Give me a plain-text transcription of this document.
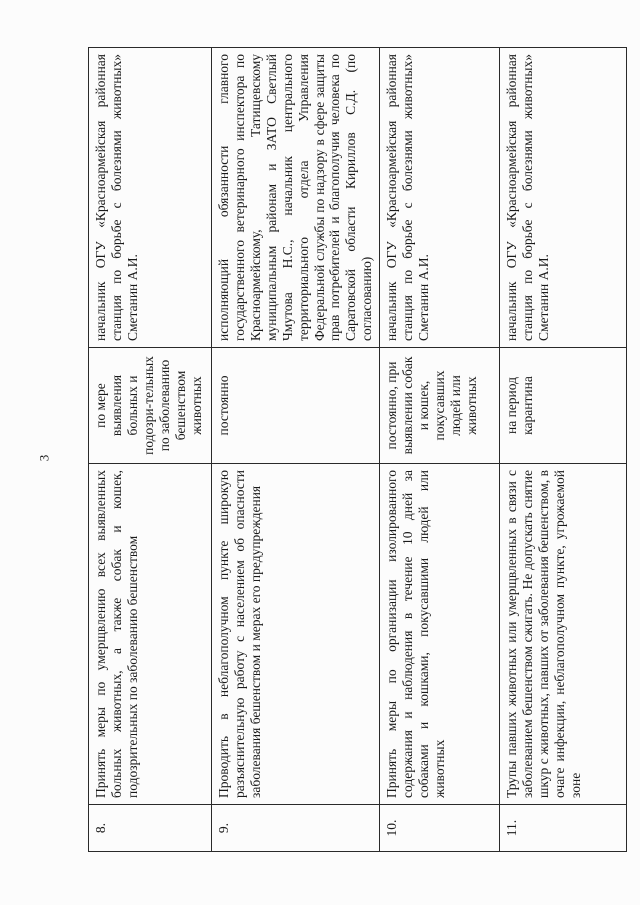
3
8.	Принять меры по умерщвлению всех выявленных больных животных, а также собак и кошек, подозрительных по заболеванию бешенством	по мере выявления больных и подозри-тельных по заболеванию бешенством животных	начальник ОГУ «Красноармейская районная станция по борьбе с болезнями животных» Сметанин А.И.
9.	Проводить в неблагополучном пункте широкую разъяснительную работу с населением об опасности заболевания бешенством и мерах его предупреждения	постоянно	исполняющий обязанности главного государственного ветеринарного инспектора по Красноармейскому, Татищевскому муниципальным районам и ЗАТО Светлый Чмутова Н.С., начальник центрального территориального отдела Управления Федеральной службы по надзору в сфере защиты прав потребителей и благополучия человека по Саратовской области Кириллов С.Д. (по согласованию)
10.	Принять меры по организации изолированного содержания и наблюдения в течение 10 дней за собаками и кошками, покусавшими людей или животных	постоянно, при выявлении собак и кошек, покусавших людей или животных	начальник ОГУ «Красноармейская районная станция по борьбе с болезнями животных» Сметанин А.И.
11.	Трупы павших животных или умерщвленных в связи с заболеванием бешенством сжигать. Не допускать снятие шкур с животных, павших от заболевания бешенством, в очаге инфекции, неблагополучном пункте, угрожаемой зоне	на период карантина	начальник ОГУ «Красноармейская районная станция по борьбе с болезнями животных» Сметанин А.И.
